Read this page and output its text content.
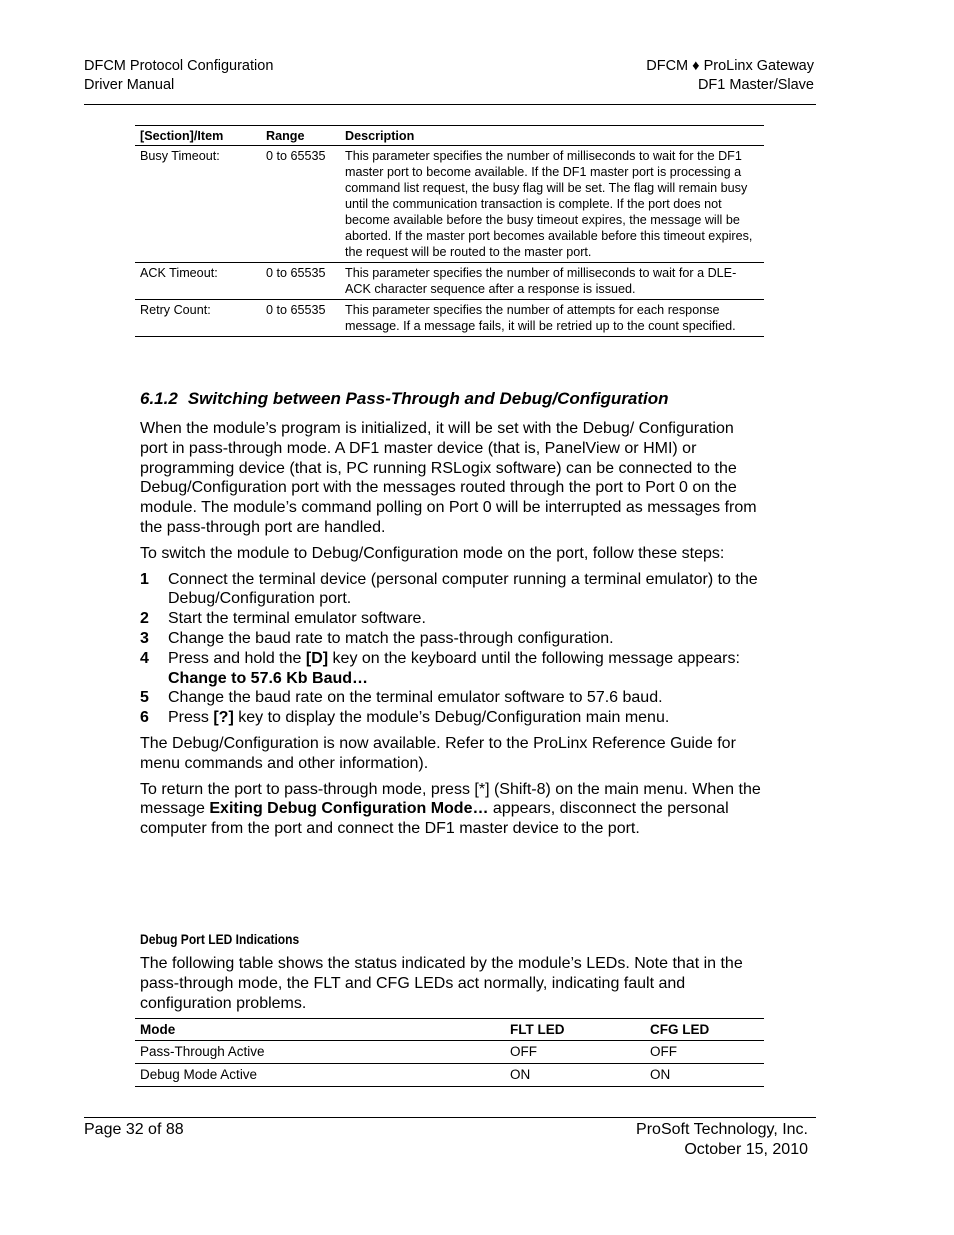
DFCM Protocol Configuration
Driver Manual
DFCM ♦ ProLinx Gateway
DF1 Master/Slave
[Section]/Item	Range	Description
Busy Timeout:	0 to 65535	This parameter specifies the number of milliseconds to wait for the DF1 master port to become available. If the DF1 master port is processing a command list request, the busy flag will be set. The flag will remain busy until the communication transaction is complete. If the port does not become available before the busy timeout expires, the message will be aborted. If the master port becomes available before this timeout expires, the request will be routed to the master port.
ACK Timeout:	0 to 65535	This parameter specifies the number of milliseconds to wait for a DLE-ACK character sequence after a response is issued.
Retry Count:	0 to 65535	This parameter specifies the number of attempts for each response message. If a message fails, it will be retried up to the count specified.
6.1.2 Switching between Pass-Through and Debug/Configuration

When the module’s program is initialized, it will be set with the Debug/ Configuration port in pass-through mode. A DF1 master device (that is, PanelView or HMI) or programming device (that is, PC running RSLogix software) can be connected to the Debug/Configuration port with the messages routed through the port to Port 0 on the module. The module’s command polling on Port 0 will be interrupted as messages from the pass-through port are handled.

To switch the module to Debug/Configuration mode on the port, follow these steps:

1	Connect the terminal device (personal computer running a terminal emulator) to the Debug/Configuration port.
2	Start the terminal emulator software.
3	Change the baud rate to match the pass-through configuration.
4	Press and hold the [D] key on the keyboard until the following message appears:
Change to 57.6 Kb Baud…
5	Change the baud rate on the terminal emulator software to 57.6 baud.
6	Press [?] key to display the module’s Debug/Configuration main menu.

The Debug/Configuration is now available. Refer to the ProLinx Reference Guide for menu commands and other information).

To return the port to pass-through mode, press [*] (Shift-8) on the main menu. When the message Exiting Debug Configuration Mode… appears, disconnect the personal computer from the port and connect the DF1 master device to the port.

Debug Port LED Indications

The following table shows the status indicated by the module’s LEDs. Note that in the pass-through mode, the FLT and CFG LEDs act normally, indicating fault and configuration problems.

Mode	FLT LED	CFG LED
Pass-Through Active	OFF	OFF
Debug Mode Active	ON	ON
Page 32 of 88	ProSoft Technology, Inc.
October 15, 2010
